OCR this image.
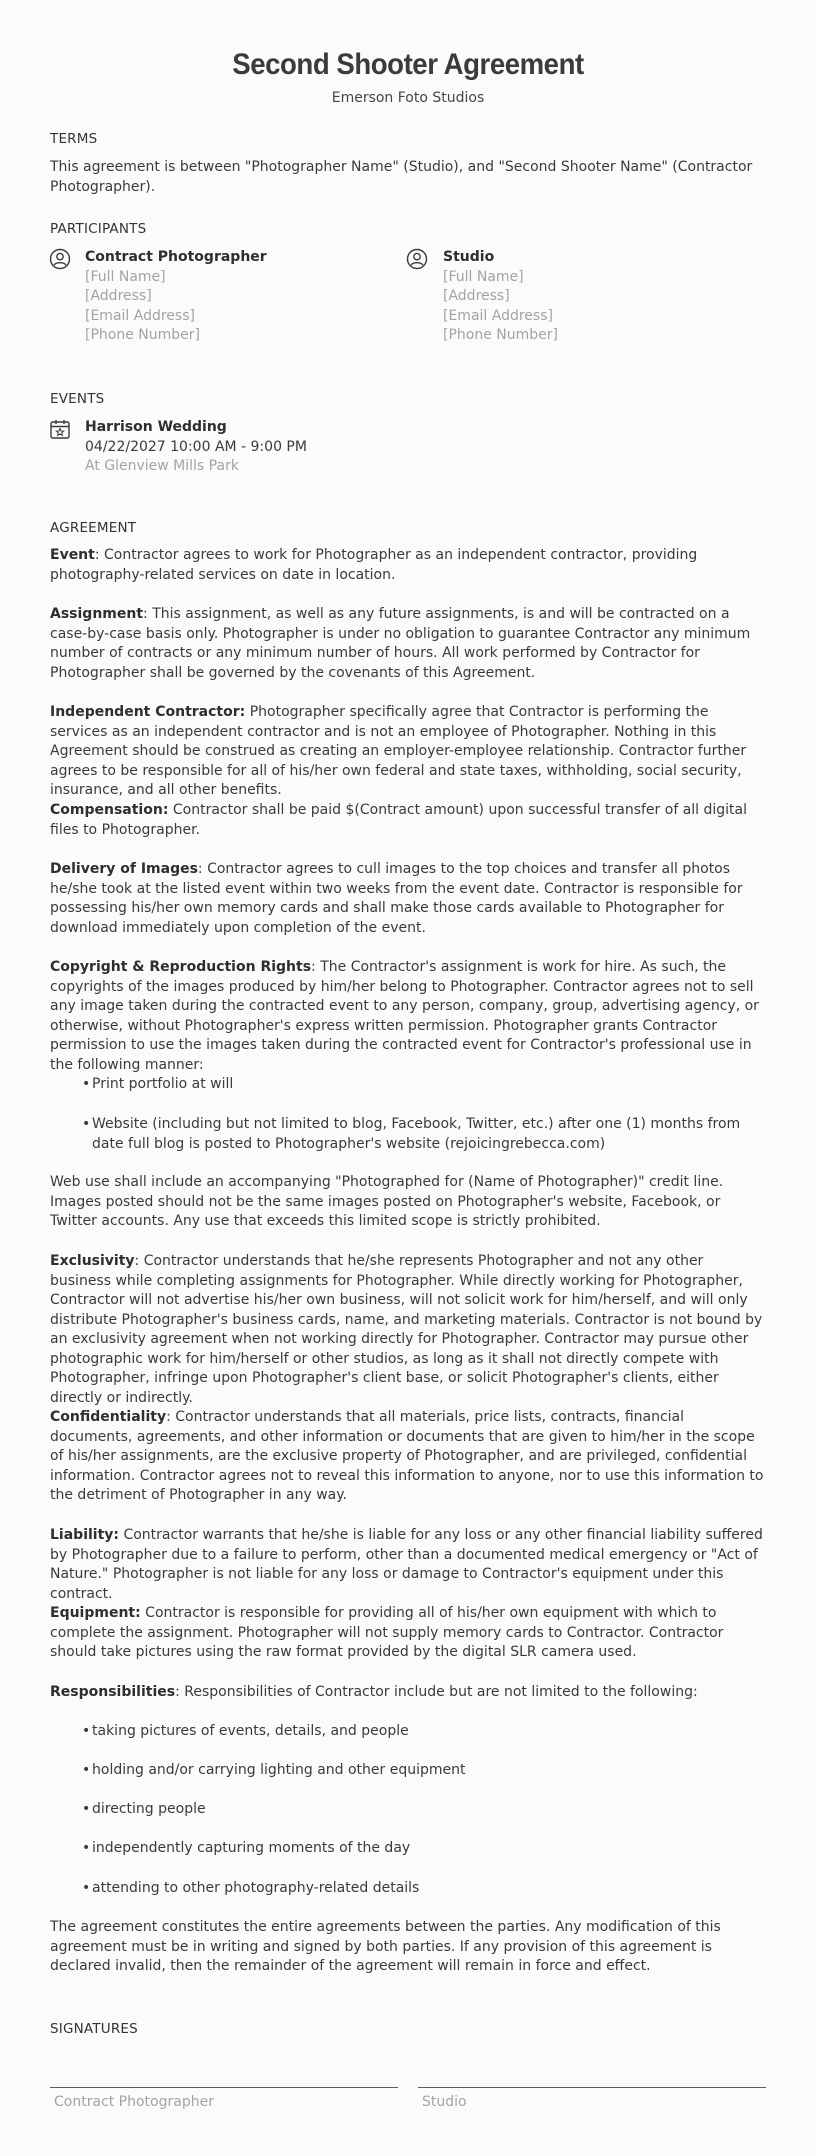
Second Shooter Agreement
Emerson Foto Studios
TERMS
This agreement is between "Photographer Name" (Studio), and "Second Shooter Name" (Contractor Photographer).
PARTICIPANTS
Contract Photographer
[Full Name]
[Address]
[Email Address]
[Phone Number]
Studio
[Full Name]
[Address]
[Email Address]
[Phone Number]
EVENTS
Harrison Wedding
04/22/2027 10:00 AM - 9:00 PM
At Glenview Mills Park
AGREEMENT
Event: Contractor agrees to work for Photographer as an independent contractor, providing photography-related services on date in location.
Assignment: This assignment, as well as any future assignments, is and will be contracted on a case-by-case basis only. Photographer is under no obligation to guarantee Contractor any minimum number of contracts or any minimum number of hours. All work performed by Contractor for Photographer shall be governed by the covenants of this Agreement.
Independent Contractor: Photographer specifically agree that Contractor is performing the services as an independent contractor and is not an employee of Photographer. Nothing in this Agreement should be construed as creating an employer-employee relationship. Contractor further agrees to be responsible for all of his/her own federal and state taxes, withholding, social security, insurance, and all other benefits.
Compensation: Contractor shall be paid $(Contract amount) upon successful transfer of all digital files to Photographer.
Delivery of Images: Contractor agrees to cull images to the top choices and transfer all photos he/she took at the listed event within two weeks from the event date. Contractor is responsible for possessing his/her own memory cards and shall make those cards available to Photographer for download immediately upon completion of the event.
Copyright & Reproduction Rights: The Contractor's assignment is work for hire. As such, the copyrights of the images produced by him/her belong to Photographer. Contractor agrees not to sell any image taken during the contracted event to any person, company, group, advertising agency, or otherwise, without Photographer's express written permission. Photographer grants Contractor permission to use the images taken during the contracted event for Contractor's professional use in the following manner:
• Print portfolio at will
• Website (including but not limited to blog, Facebook, Twitter, etc.) after one (1) months from date full blog is posted to Photographer's website (rejoicingrebecca.com)
Web use shall include an accompanying "Photographed for (Name of Photographer)" credit line. Images posted should not be the same images posted on Photographer's website, Facebook, or Twitter accounts. Any use that exceeds this limited scope is strictly prohibited.
Exclusivity: Contractor understands that he/she represents Photographer and not any other business while completing assignments for Photographer. While directly working for Photographer, Contractor will not advertise his/her own business, will not solicit work for him/herself, and will only distribute Photographer's business cards, name, and marketing materials. Contractor is not bound by an exclusivity agreement when not working directly for Photographer. Contractor may pursue other photographic work for him/herself or other studios, as long as it shall not directly compete with Photographer, infringe upon Photographer's client base, or solicit Photographer's clients, either directly or indirectly.
Confidentiality: Contractor understands that all materials, price lists, contracts, financial documents, agreements, and other information or documents that are given to him/her in the scope of his/her assignments, are the exclusive property of Photographer, and are privileged, confidential information. Contractor agrees not to reveal this information to anyone, nor to use this information to the detriment of Photographer in any way.
Liability: Contractor warrants that he/she is liable for any loss or any other financial liability suffered by Photographer due to a failure to perform, other than a documented medical emergency or "Act of Nature." Photographer is not liable for any loss or damage to Contractor's equipment under this contract.
Equipment: Contractor is responsible for providing all of his/her own equipment with which to complete the assignment. Photographer will not supply memory cards to Contractor. Contractor should take pictures using the raw format provided by the digital SLR camera used.
Responsibilities: Responsibilities of Contractor include but are not limited to the following:
• taking pictures of events, details, and people
• holding and/or carrying lighting and other equipment
• directing people
• independently capturing moments of the day
• attending to other photography-related details
The agreement constitutes the entire agreements between the parties. Any modification of this agreement must be in writing and signed by both parties. If any provision of this agreement is declared invalid, then the remainder of the agreement will remain in force and effect.
SIGNATURES
Contract Photographer	Studio
